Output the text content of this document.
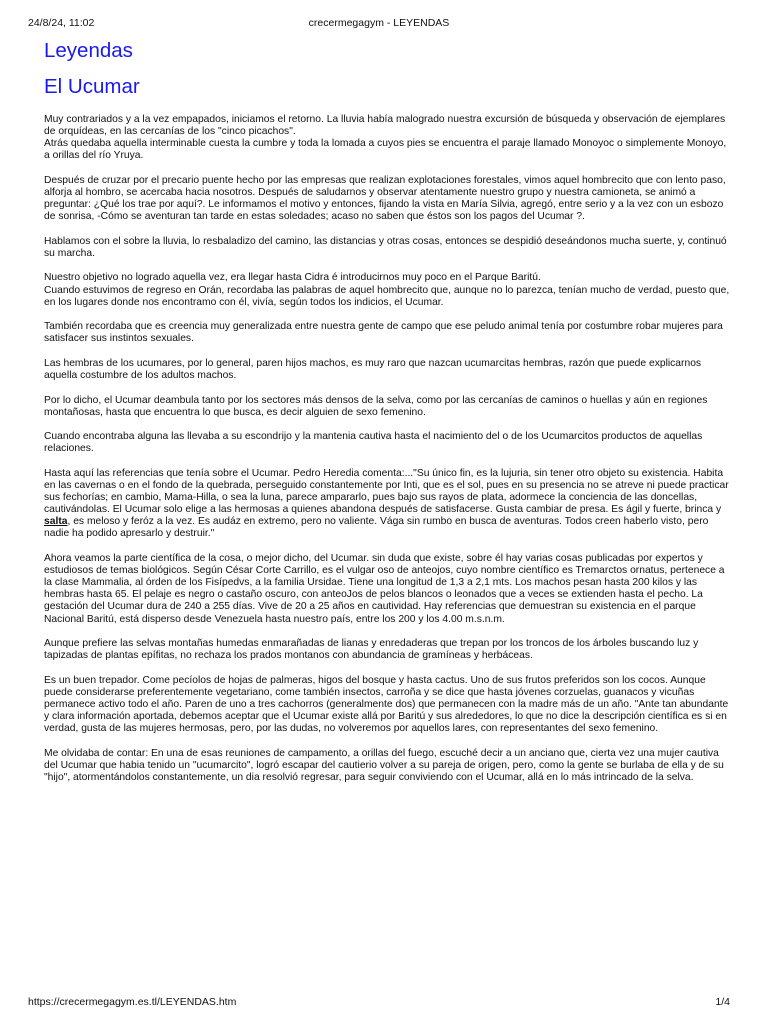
24/8/24, 11:02	crecermegagym - LEYENDAS
Leyendas
El Ucumar

Muy contrariados y a la vez empapados, iniciamos el retorno. La lluvia había malogrado nuestra excursión de búsqueda y observación de ejemplares de orquídeas, en las cercanías de los "cinco picachos".
Atrás quedaba aquella interminable cuesta la cumbre y toda la lomada a cuyos pies se encuentra el paraje llamado Monoyoc o simplemente Monoyo, a orillas del río Yruya.

Después de cruzar por el precario puente hecho por las empresas que realizan explotaciones forestales, vimos aquel hombrecito que con lento paso, alforja al hombro, se acercaba hacia nosotros. Después de saludarnos y observar atentamente nuestro grupo y nuestra camioneta, se animó a preguntar: ¿Qué los trae por aquí?. Le informamos el motivo y entonces, fijando la vista en María Silvia, agregó, entre serio y a la vez con un esbozo de sonrisa, -Cómo se aventuran tan tarde en estas soledades; acaso no saben que éstos son los pagos del Ucumar ?.

Hablamos con el sobre la lluvia, lo resbaladizo del camino, las distancias y otras cosas, entonces se despidió deseándonos mucha suerte, y, continuó su marcha.

Nuestro objetivo no logrado aquella vez, era llegar hasta Cidra é introducirnos muy poco en el Parque Baritú.
Cuando estuvimos de regreso en Orán, recordaba las palabras de aquel hombrecito que, aunque no lo parezca, tenían mucho de verdad, puesto que, en los lugares donde nos encontramo con él, vivía, según todos los indicios, el Ucumar.

También recordaba que es creencia muy generalizada entre nuestra gente de campo que ese peludo animal tenía por costumbre robar mujeres para satisfacer sus instintos sexuales.

Las hembras de los ucumares, por lo general, paren hijos machos, es muy raro que nazcan ucumarcitas hembras, razón que puede explicarnos aquella costumbre de los adultos machos.

Por lo dicho, el Ucumar deambula tanto por los sectores más densos de la selva, como por las cercanías de caminos o huellas y aún en regiones montañosas, hasta que encuentra lo que busca, es decir alguien de sexo femenino.

Cuando encontraba alguna las llevaba a su escondrijo y la mantenia cautiva hasta el nacimiento del o de los Ucumarcitos productos de aquellas relaciones.

Hasta aquí las referencias que tenía sobre el Ucumar. Pedro Heredia comenta:..."Su único fin, es la lujuria, sin tener otro objeto su existencia. Habita en las cavernas o en el fondo de la quebrada, perseguido constantemente por Inti, que es el sol, pues en su presencia no se atreve ni puede practicar sus fechorías; en cambio, Mama-Hilla, o sea la luna, parece ampararlo, pues bajo sus rayos de plata, adormece la conciencia de las doncellas, cautivándolas. El Ucumar solo elige a las hermosas a quienes abandona después de satisfacerse. Gusta cambiar de presa. Es ágil y fuerte, brinca y salta, es meloso y feróz a la vez. Es audáz en extremo, pero no valiente. Vága sin rumbo en busca de aventuras. Todos creen haberlo visto, pero nadie ha podido apresarlo y destruir."

Ahora veamos la parte científica de la cosa, o mejor dicho, del Ucumar. sin duda que existe, sobre él hay varias cosas publicadas por expertos y estudiosos de temas biológicos. Según César Corte Carrillo, es el vulgar oso de anteojos, cuyo nombre científico es Tremarctos ornatus, pertenece a la clase Mammalia, al órden de los Fisípedvs, a la familia Ursidae. Tiene una longitud de 1,3 a 2,1 mts. Los machos pesan hasta 200 kilos y las hembras hasta 65. El pelaje es negro o castaño oscuro, con anteoJos de pelos blancos o leonados que a veces se extienden hasta el pecho. La gestación del Ucumar dura de 240 a 255 días. Vive de 20 a 25 años en cautividad. Hay referencias que demuestran su existencia en el parque Nacional Baritú, está disperso desde Venezuela hasta nuestro país, entre los 200 y los 4.00 m.s.n.m.

Aunque prefiere las selvas montañas humedas enmarañadas de lianas y enredaderas que trepan por los troncos de los árboles buscando luz y tapizadas de plantas epífitas, no rechaza los prados montanos con abundancia de gramíneas y herbáceas.

Es un buen trepador. Come pecíolos de hojas de palmeras, higos del bosque y hasta cactus. Uno de sus frutos preferidos son los cocos. Aunque puede considerarse preferentemente vegetariano, come también insectos, carroña y se dice que hasta jóvenes corzuelas, guanacos y vicuñas permanece activo todo el año. Paren de uno a tres cachorros (generalmente dos) que permanecen con la madre más de un año. "Ante tan abundante y clara información aportada, debemos aceptar que el Ucumar existe allá por Baritú y sus alrededores, lo que no dice la descripción científica es si en verdad, gusta de las mujeres hermosas, pero, por las dudas, no volveremos por aquellos lares, con representantes del sexo femenino.

Me olvidaba de contar: En una de esas reuniones de campamento, a orillas del fuego, escuché decir a un anciano que, cierta vez una mujer cautiva del Ucumar que habia tenido un "ucumarcito", logró escapar del cautierio volver a su pareja de origen, pero, como la gente se burlaba de ella y de su "hijo", atormentándolos constantemente, un dia resolvió regresar, para seguir conviviendo con el Ucumar, allá en lo más intrincado de la selva.

https://crecermegagym.es.tl/LEYENDAS.htm	1/4
